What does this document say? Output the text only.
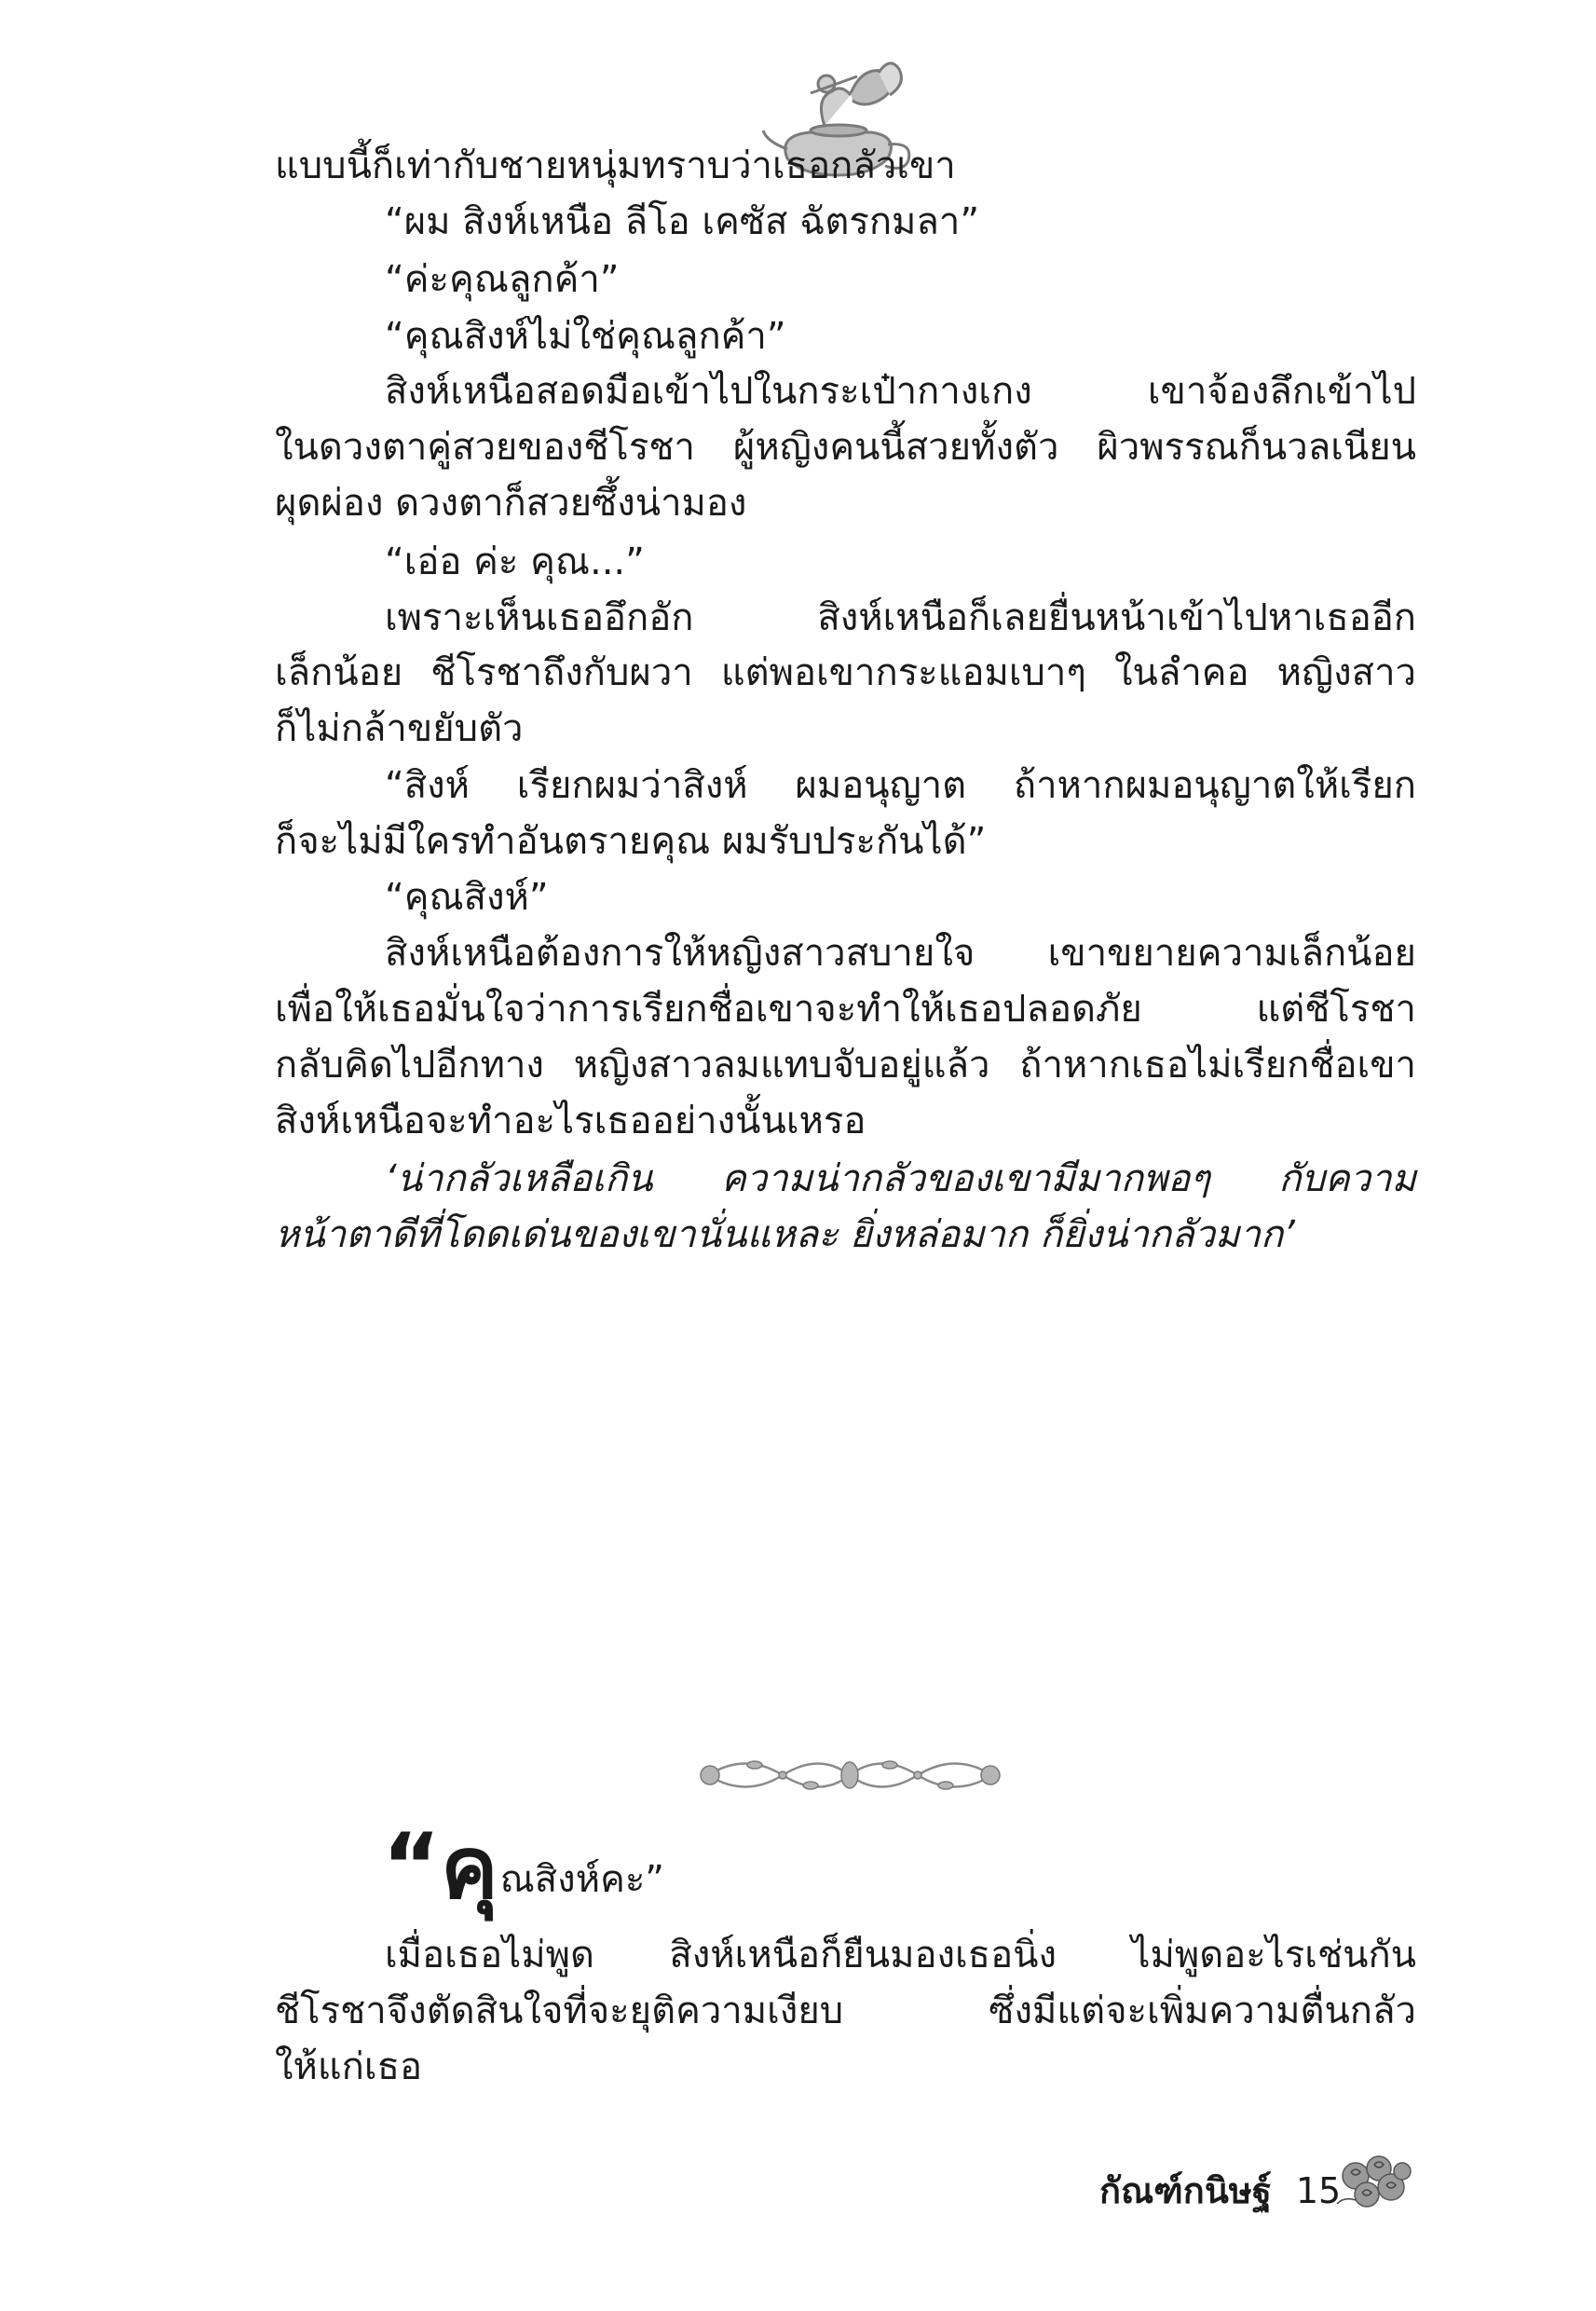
แบบนี้ก็เท่ากับชายหนุ่มทราบว่าเธอกลัวเขา
“ผม สิงห์เหนือ ลีโอ เคซัส ฉัตรกมลา”
“ค่ะคุณลูกค้า”
“คุณสิงห์ไม่ใช่คุณลูกค้า”
สิงห์เหนือสอดมือเข้าไปในกระเป๋ากางเกง เขาจ้องลึกเข้าไป
ในดวงตาคู่สวยของชีโรชา ผู้หญิงคนนี้สวยทั้งตัว ผิวพรรณก็นวลเนียน
ผุดผ่อง ดวงตาก็สวยซึ้งน่ามอง
“เอ่อ ค่ะ คุณ...”
เพราะเห็นเธออึกอัก สิงห์เหนือก็เลยยื่นหน้าเข้าไปหาเธออีก
เล็กน้อย ชีโรชาถึงกับผวา แต่พอเขากระแอมเบาๆ ในลำคอ หญิงสาว
ก็ไม่กล้าขยับตัว
“สิงห์ เรียกผมว่าสิงห์ ผมอนุญาต ถ้าหากผมอนุญาตให้เรียก
ก็จะไม่มีใครทำอันตรายคุณ ผมรับประกันได้”
“คุณสิงห์”
สิงห์เหนือต้องการให้หญิงสาวสบายใจ เขาขยายความเล็กน้อย
เพื่อให้เธอมั่นใจว่าการเรียกชื่อเขาจะทำให้เธอปลอดภัย แต่ชีโรชา
กลับคิดไปอีกทาง หญิงสาวลมแทบจับอยู่แล้ว ถ้าหากเธอไม่เรียกชื่อเขา
สิงห์เหนือจะทำอะไรเธออย่างนั้นเหรอ
‘น่ากลัวเหลือเกิน ความน่ากลัวของเขามีมากพอๆ กับความ
หน้าตาดีที่โดดเด่นของเขานั่นแหละ ยิ่งหล่อมาก ก็ยิ่งน่ากลัวมาก’
“คุณสิงห์คะ”
เมื่อเธอไม่พูด สิงห์เหนือก็ยืนมองเธอนิ่ง ไม่พูดอะไรเช่นกัน
ชีโรชาจึงตัดสินใจที่จะยุติความเงียบ ซึ่งมีแต่จะเพิ่มความตื่นกลัว
ให้แก่เธอ
กัณฑ์กนิษฐ์ 15
